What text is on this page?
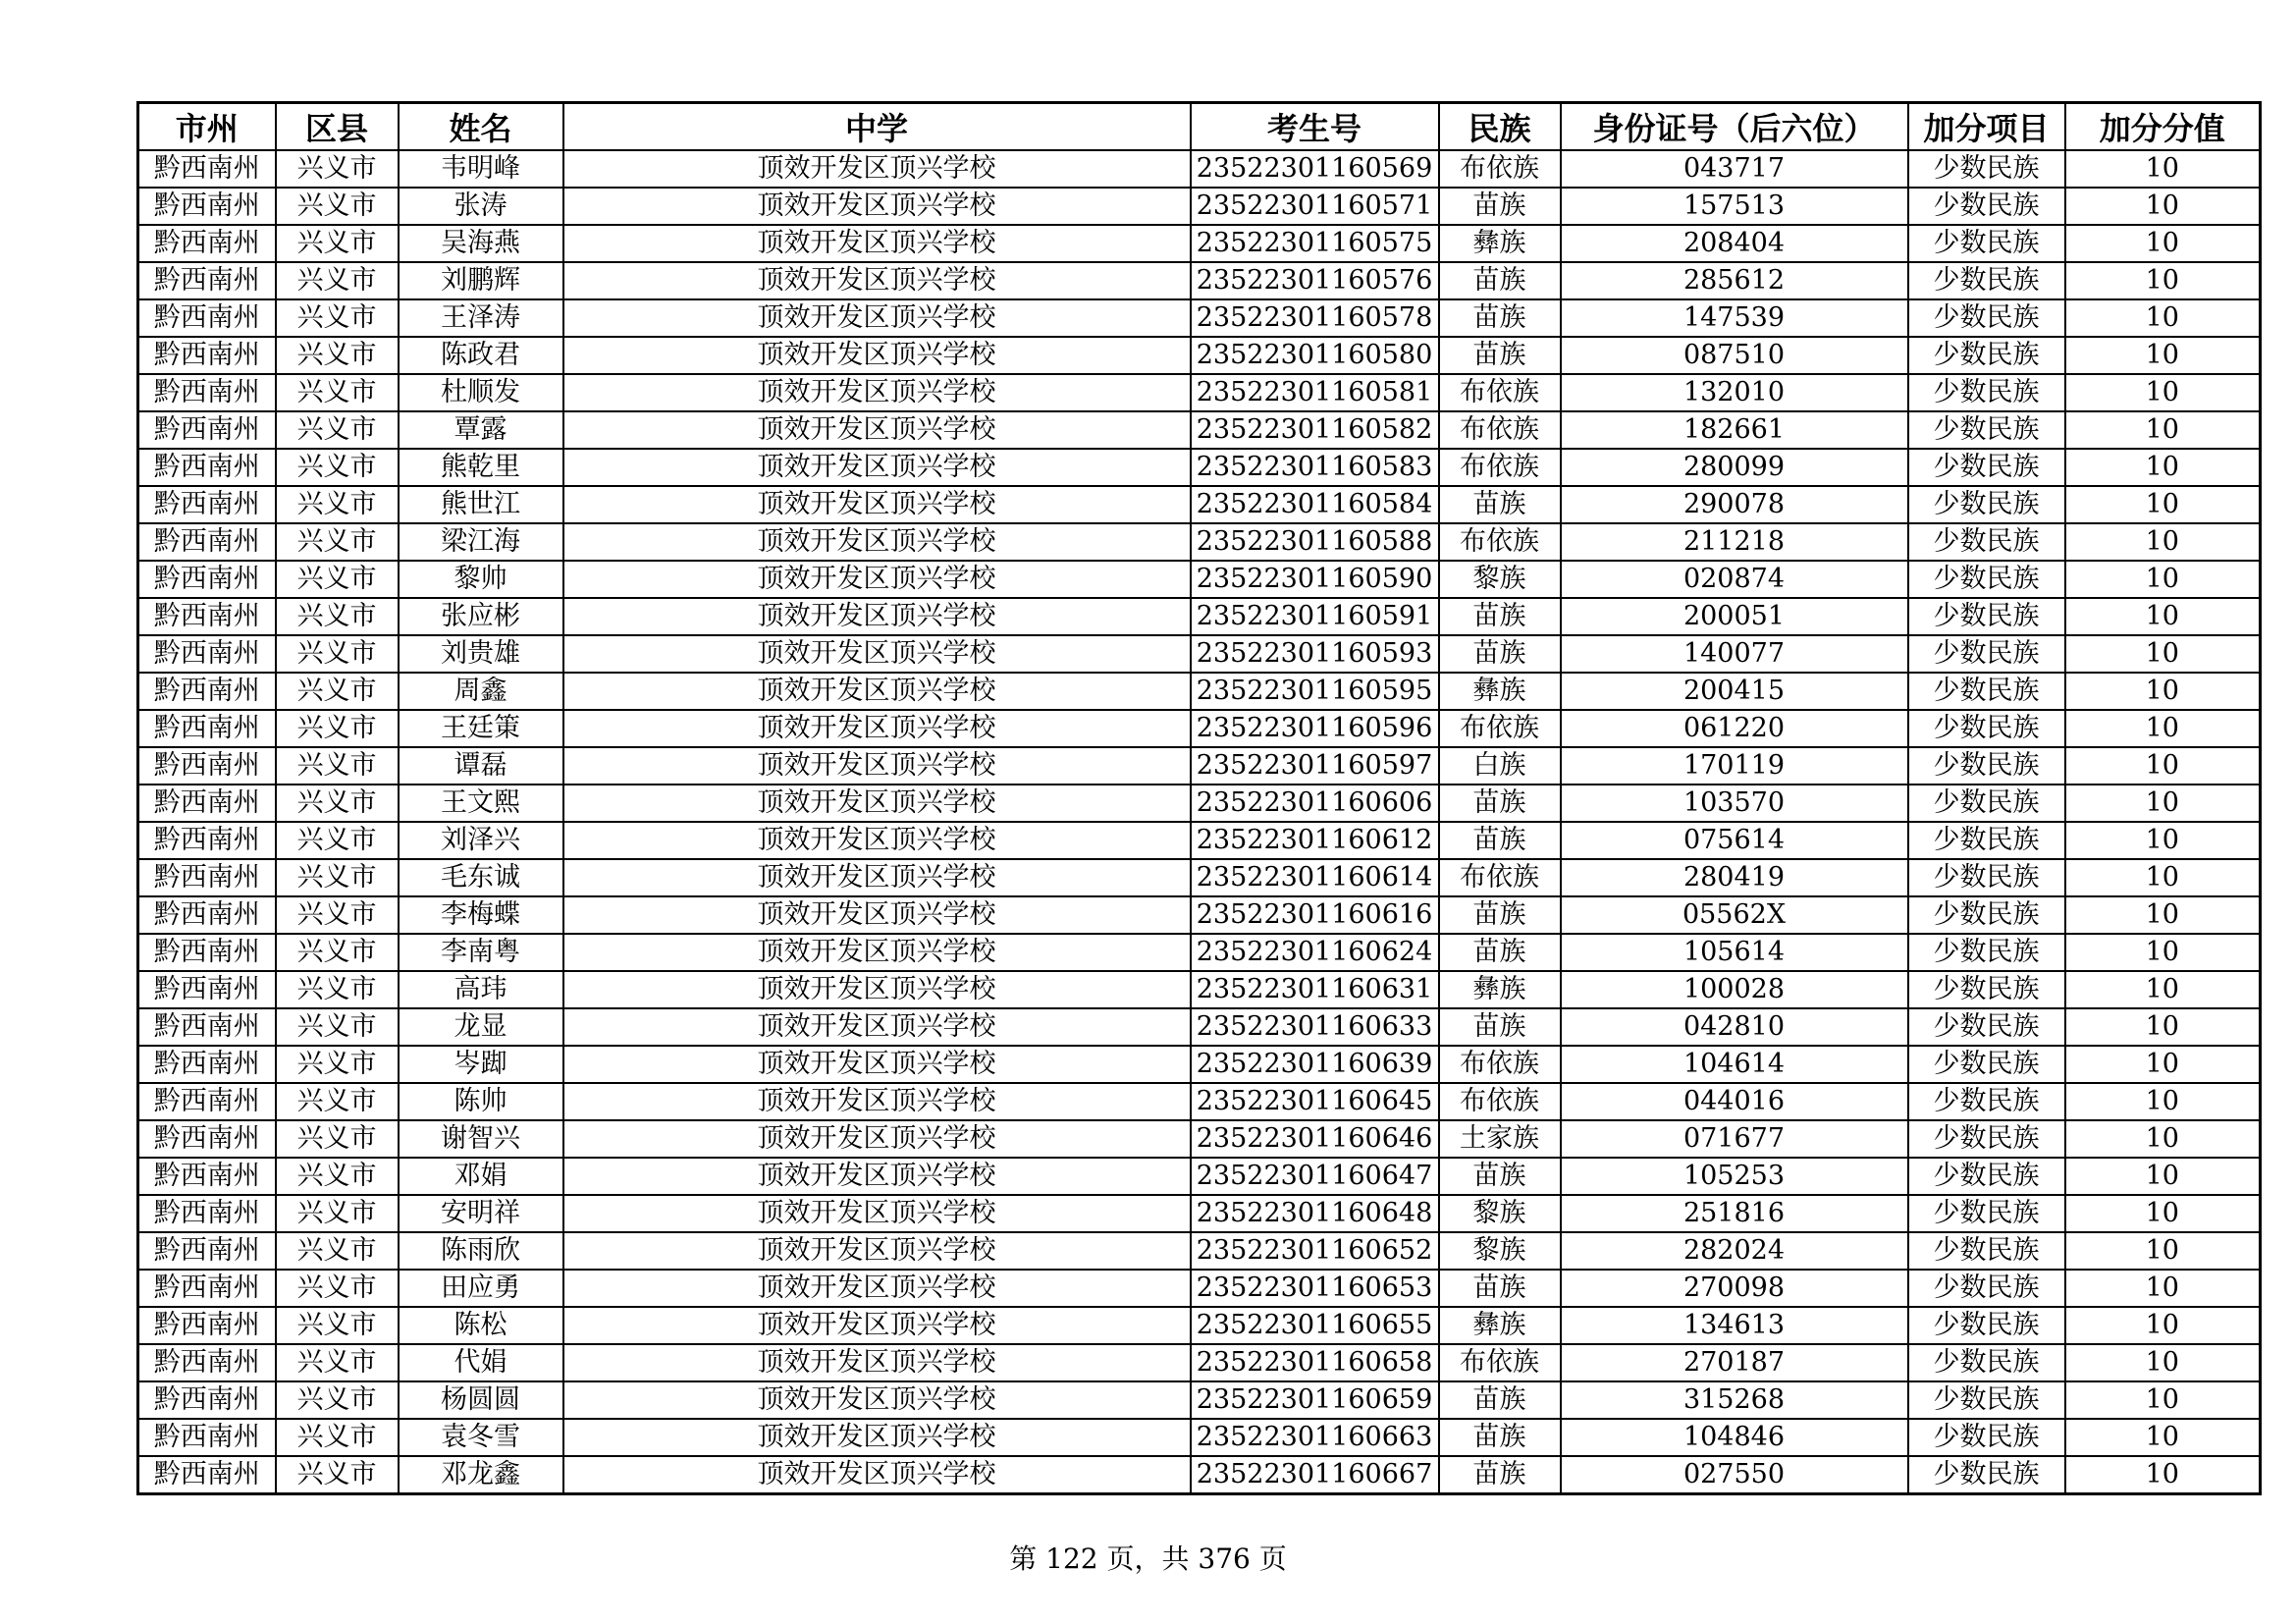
市州	区县	姓名	中学	考生号	民族	身份证号（后六位）	加分项目	加分分值
黔西南州	兴义市	韦明峰	顶效开发区顶兴学校	23522301160569	布依族	043717	少数民族	10
黔西南州	兴义市	张涛	顶效开发区顶兴学校	23522301160571	苗族	157513	少数民族	10
黔西南州	兴义市	吴海燕	顶效开发区顶兴学校	23522301160575	彝族	208404	少数民族	10
黔西南州	兴义市	刘鹏辉	顶效开发区顶兴学校	23522301160576	苗族	285612	少数民族	10
黔西南州	兴义市	王泽涛	顶效开发区顶兴学校	23522301160578	苗族	147539	少数民族	10
黔西南州	兴义市	陈政君	顶效开发区顶兴学校	23522301160580	苗族	087510	少数民族	10
黔西南州	兴义市	杜顺发	顶效开发区顶兴学校	23522301160581	布依族	132010	少数民族	10
黔西南州	兴义市	覃露	顶效开发区顶兴学校	23522301160582	布依族	182661	少数民族	10
黔西南州	兴义市	熊乾里	顶效开发区顶兴学校	23522301160583	布依族	280099	少数民族	10
黔西南州	兴义市	熊世江	顶效开发区顶兴学校	23522301160584	苗族	290078	少数民族	10
黔西南州	兴义市	梁江海	顶效开发区顶兴学校	23522301160588	布依族	211218	少数民族	10
黔西南州	兴义市	黎帅	顶效开发区顶兴学校	23522301160590	黎族	020874	少数民族	10
黔西南州	兴义市	张应彬	顶效开发区顶兴学校	23522301160591	苗族	200051	少数民族	10
黔西南州	兴义市	刘贵雄	顶效开发区顶兴学校	23522301160593	苗族	140077	少数民族	10
黔西南州	兴义市	周鑫	顶效开发区顶兴学校	23522301160595	彝族	200415	少数民族	10
黔西南州	兴义市	王廷䇿	顶效开发区顶兴学校	23522301160596	布依族	061220	少数民族	10
黔西南州	兴义市	谭磊	顶效开发区顶兴学校	23522301160597	白族	170119	少数民族	10
黔西南州	兴义市	王文熙	顶效开发区顶兴学校	23522301160606	苗族	103570	少数民族	10
黔西南州	兴义市	刘泽兴	顶效开发区顶兴学校	23522301160612	苗族	075614	少数民族	10
黔西南州	兴义市	毛东诚	顶效开发区顶兴学校	23522301160614	布依族	280419	少数民族	10
黔西南州	兴义市	李梅蝶	顶效开发区顶兴学校	23522301160616	苗族	05562X	少数民族	10
黔西南州	兴义市	李南粤	顶效开发区顶兴学校	23522301160624	苗族	105614	少数民族	10
黔西南州	兴义市	高玮	顶效开发区顶兴学校	23522301160631	彝族	100028	少数民族	10
黔西南州	兴义市	龙显	顶效开发区顶兴学校	23522301160633	苗族	042810	少数民族	10
黔西南州	兴义市	岑踋	顶效开发区顶兴学校	23522301160639	布依族	104614	少数民族	10
黔西南州	兴义市	陈帅	顶效开发区顶兴学校	23522301160645	布依族	044016	少数民族	10
黔西南州	兴义市	谢智兴	顶效开发区顶兴学校	23522301160646	土家族	071677	少数民族	10
黔西南州	兴义市	邓娟	顶效开发区顶兴学校	23522301160647	苗族	105253	少数民族	10
黔西南州	兴义市	安明祥	顶效开发区顶兴学校	23522301160648	黎族	251816	少数民族	10
黔西南州	兴义市	陈雨欣	顶效开发区顶兴学校	23522301160652	黎族	282024	少数民族	10
黔西南州	兴义市	田应勇	顶效开发区顶兴学校	23522301160653	苗族	270098	少数民族	10
黔西南州	兴义市	陈松	顶效开发区顶兴学校	23522301160655	彝族	134613	少数民族	10
黔西南州	兴义市	代娟	顶效开发区顶兴学校	23522301160658	布依族	270187	少数民族	10
黔西南州	兴义市	杨圆圆	顶效开发区顶兴学校	23522301160659	苗族	315268	少数民族	10
黔西南州	兴义市	袁冬雪	顶效开发区顶兴学校	23522301160663	苗族	104846	少数民族	10
黔西南州	兴义市	邓龙鑫	顶效开发区顶兴学校	23522301160667	苗族	027550	少数民族	10
第 122 页，共 376 页
